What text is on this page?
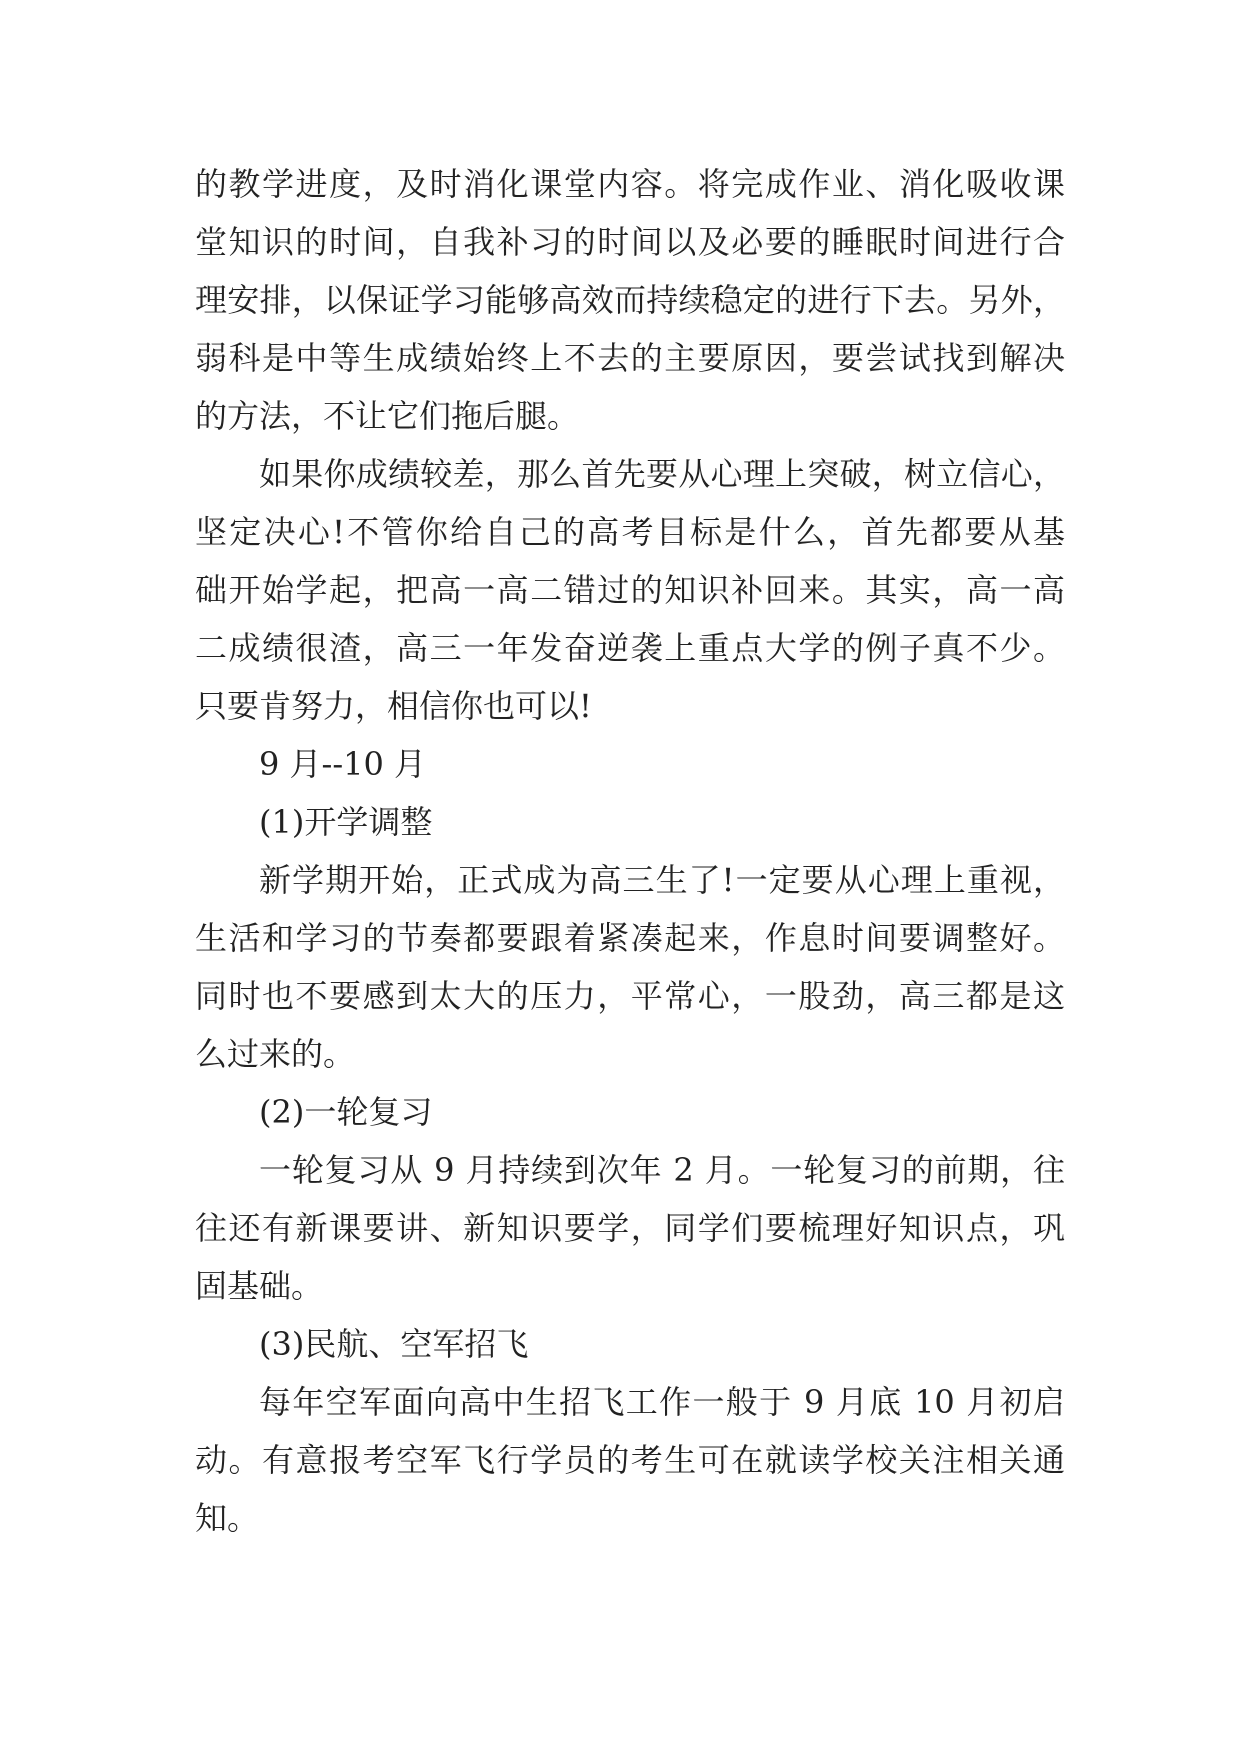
的教学进度，及时消化课堂内容。将完成作业、消化吸收课
堂知识的时间，自我补习的时间以及必要的睡眠时间进行合
理安排，以保证学习能够高效而持续稳定的进行下去。另外，
弱科是中等生成绩始终上不去的主要原因，要尝试找到解决
的方法，不让它们拖后腿。
如果你成绩较差，那么首先要从心理上突破，树立信心，
坚定决心!不管你给自己的高考目标是什么，首先都要从基
础开始学起，把高一高二错过的知识补回来。其实，高一高
二成绩很渣，高三一年发奋逆袭上重点大学的例子真不少。
只要肯努力，相信你也可以!
9 月--10 月
(1)开学调整
新学期开始，正式成为高三生了!一定要从心理上重视，
生活和学习的节奏都要跟着紧凑起来，作息时间要调整好。
同时也不要感到太大的压力，平常心，一股劲，高三都是这
么过来的。
(2)一轮复习
一轮复习从 9 月持续到次年 2 月。一轮复习的前期，往
往还有新课要讲、新知识要学，同学们要梳理好知识点，巩
固基础。
(3)民航、空军招飞
每年空军面向高中生招飞工作一般于 9 月底 10 月初启
动。有意报考空军飞行学员的考生可在就读学校关注相关通
知。
